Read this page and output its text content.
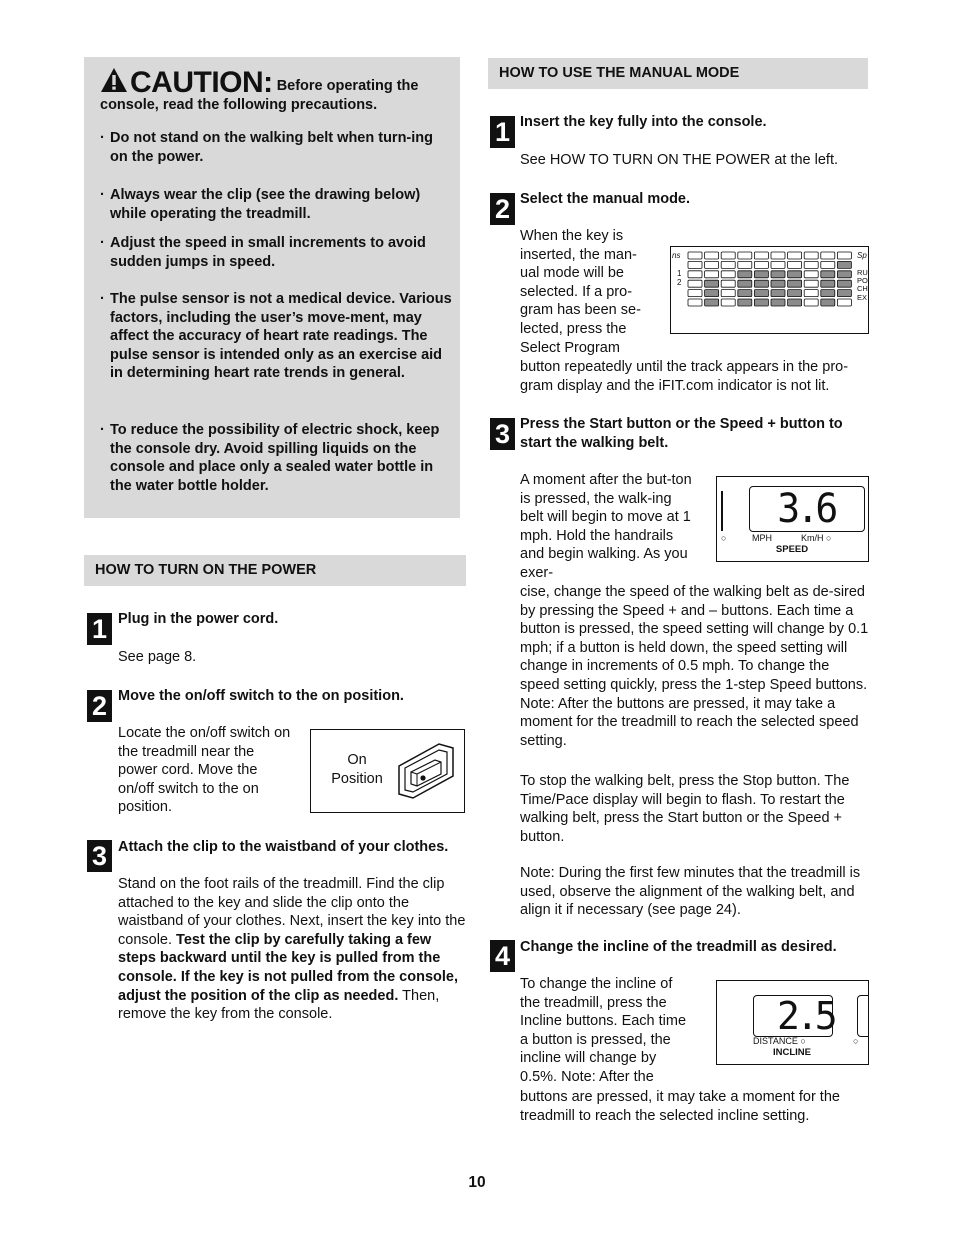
CAUTION: Before operating the
console, read the following precautions.
· Do not stand on the walking belt when turn-ing on the power.
· Always wear the clip (see the drawing below) while operating the treadmill.
· Adjust the speed in small increments to avoid sudden jumps in speed.
· The pulse sensor is not a medical device. Various factors, including the user’s move-ment, may affect the accuracy of heart rate readings. The pulse sensor is intended only as an exercise aid in determining heart rate trends in general.
· To reduce the possibility of electric shock, keep the console dry. Avoid spilling liquids on the console and place only a sealed water bottle in the water bottle holder.
HOW TO TURN ON THE POWER
1 Plug in the power cord.
See page 8.
2 Move the on/off switch to the on position.
Locate the on/off switch on the treadmill near the power cord. Move the on/off switch to the on position.
On
Position
3 Attach the clip to the waistband of your clothes.
Stand on the foot rails of the treadmill. Find the clip attached to the key and slide the clip onto the waistband of your clothes. Next, insert the key into the console. Test the clip by carefully taking a few steps backward until the key is pulled from the console. If the key is not pulled from the console, adjust the position of the clip as needed. Then, remove the key from the console.
HOW TO USE THE MANUAL MODE
1 Insert the key fully into the console.
See HOW TO TURN ON THE POWER at the left.
2 Select the manual mode.
When the key is inserted, the man-ual mode will be selected. If a pro-gram has been se-lected, press the Select Program
button repeatedly until the track appears in the pro-gram display and the iFIT.com indicator is not lit.
ns
1
2
Sp
RU
PO
CH
EX
3 Press the Start button or the Speed + button to start the walking belt.
A moment after the but-ton is pressed, the walk-ing belt will begin to move at 1 mph. Hold the handrails and begin walking. As you exer-
cise, change the speed of the walking belt as de-sired by pressing the Speed + and – buttons. Each time a button is pressed, the speed setting will change by 0.1 mph; if a button is held down, the speed setting will change in increments of 0.5 mph. To change the speed setting quickly, press the 1-step Speed buttons. Note: After the buttons are pressed, it may take a moment for the treadmill to reach the selected speed setting.
To stop the walking belt, press the Stop button. The Time/Pace display will begin to flash. To restart the walking belt, press the Start button or the Speed + button.
Note: During the first few minutes that the treadmill is used, observe the alignment of the walking belt, and align it if necessary (see page 24).
3.6
○	MPH	Km/H ○
SPEED
4 Change the incline of the treadmill as desired.
To change the incline of the treadmill, press the Incline buttons. Each time a button is pressed, the incline will change by 0.5%. Note: After the
buttons are pressed, it may take a moment for the treadmill to reach the selected incline setting.
2.5
DISTANCE ○	○
INCLINE
10
